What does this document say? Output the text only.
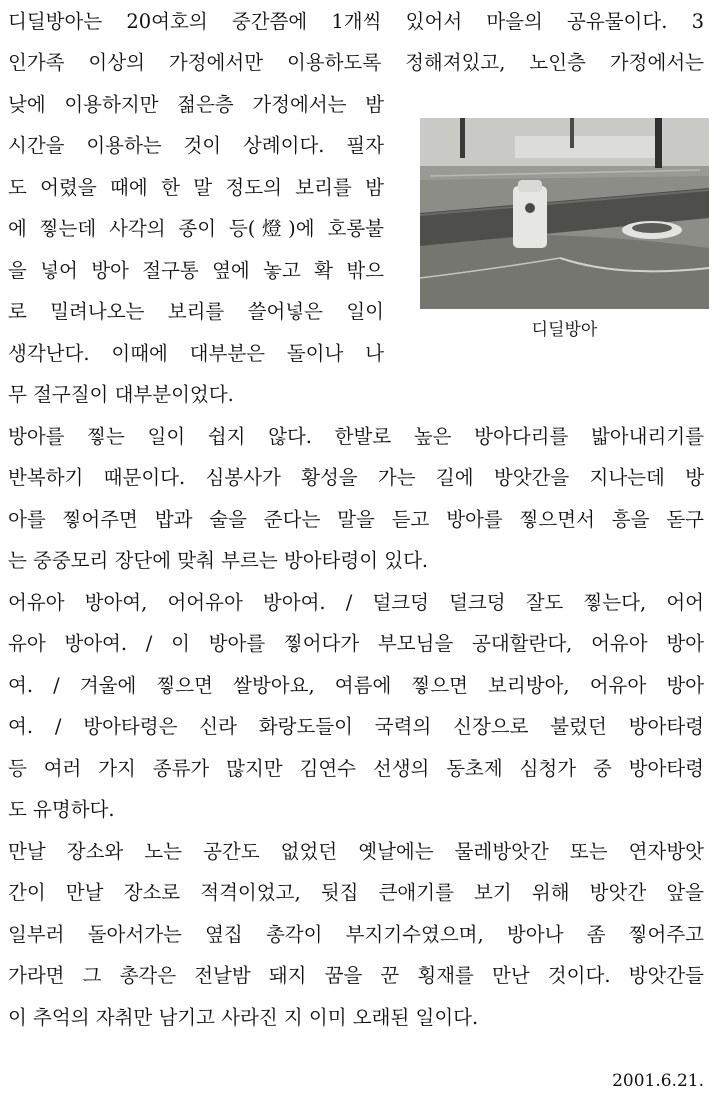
디딜방아는 20여호의 중간쯤에 1개씩 있어서 마을의 공유물이다. 3
인가족 이상의 가정에서만 이용하도록 정해져있고, 노인층 가정에서는
낮에 이용하지만 젊은층 가정에서는 밤
시간을 이용하는 것이 상례이다. 필자
도 어렸을 때에 한 말 정도의 보리를 밤
에 찧는데 사각의 종이 등(燈)에 호롱불
을 넣어 방아 절구통 옆에 놓고 확 밖으
로 밀려나오는 보리를 쓸어넣은 일이
생각난다. 이때에 대부분은 돌이나 나
무 절구질이 대부분이었다.
방아를 찧는 일이 쉽지 않다. 한발로 높은 방아다리를 밟아내리기를
반복하기 때문이다. 심봉사가 황성을 가는 길에 방앗간을 지나는데 방
아를 찧어주면 밥과 술을 준다는 말을 듣고 방아를 찧으면서 흥을 돋구
는 중중모리 장단에 맞춰 부르는 방아타령이 있다.
어유아 방아여, 어어유아 방아여. / 덜크덩 덜크덩 잘도 찧는다, 어어
유아 방아여. / 이 방아를 찧어다가 부모님을 공대할란다, 어유아 방아
여. / 겨울에 찧으면 쌀방아요, 여름에 찧으면 보리방아, 어유아 방아
여. / 방아타령은 신라 화랑도들이 국력의 신장으로 불렀던 방아타령
등 여러 가지 종류가 많지만 김연수 선생의 동초제 심청가 중 방아타령
도 유명하다.
만날 장소와 노는 공간도 없었던 옛날에는 물레방앗간 또는 연자방앗
간이 만날 장소로 적격이었고, 뒷집 큰애기를 보기 위해 방앗간 앞을
일부러 돌아서가는 옆집 총각이 부지기수였으며, 방아나 좀 찧어주고
가라면 그 총각은 전날밤 돼지 꿈을 꾼 횡재를 만난 것이다. 방앗간들
이 추억의 자취만 남기고 사라진 지 이미 오래된 일이다.
디딜방아
2001.6.21.
